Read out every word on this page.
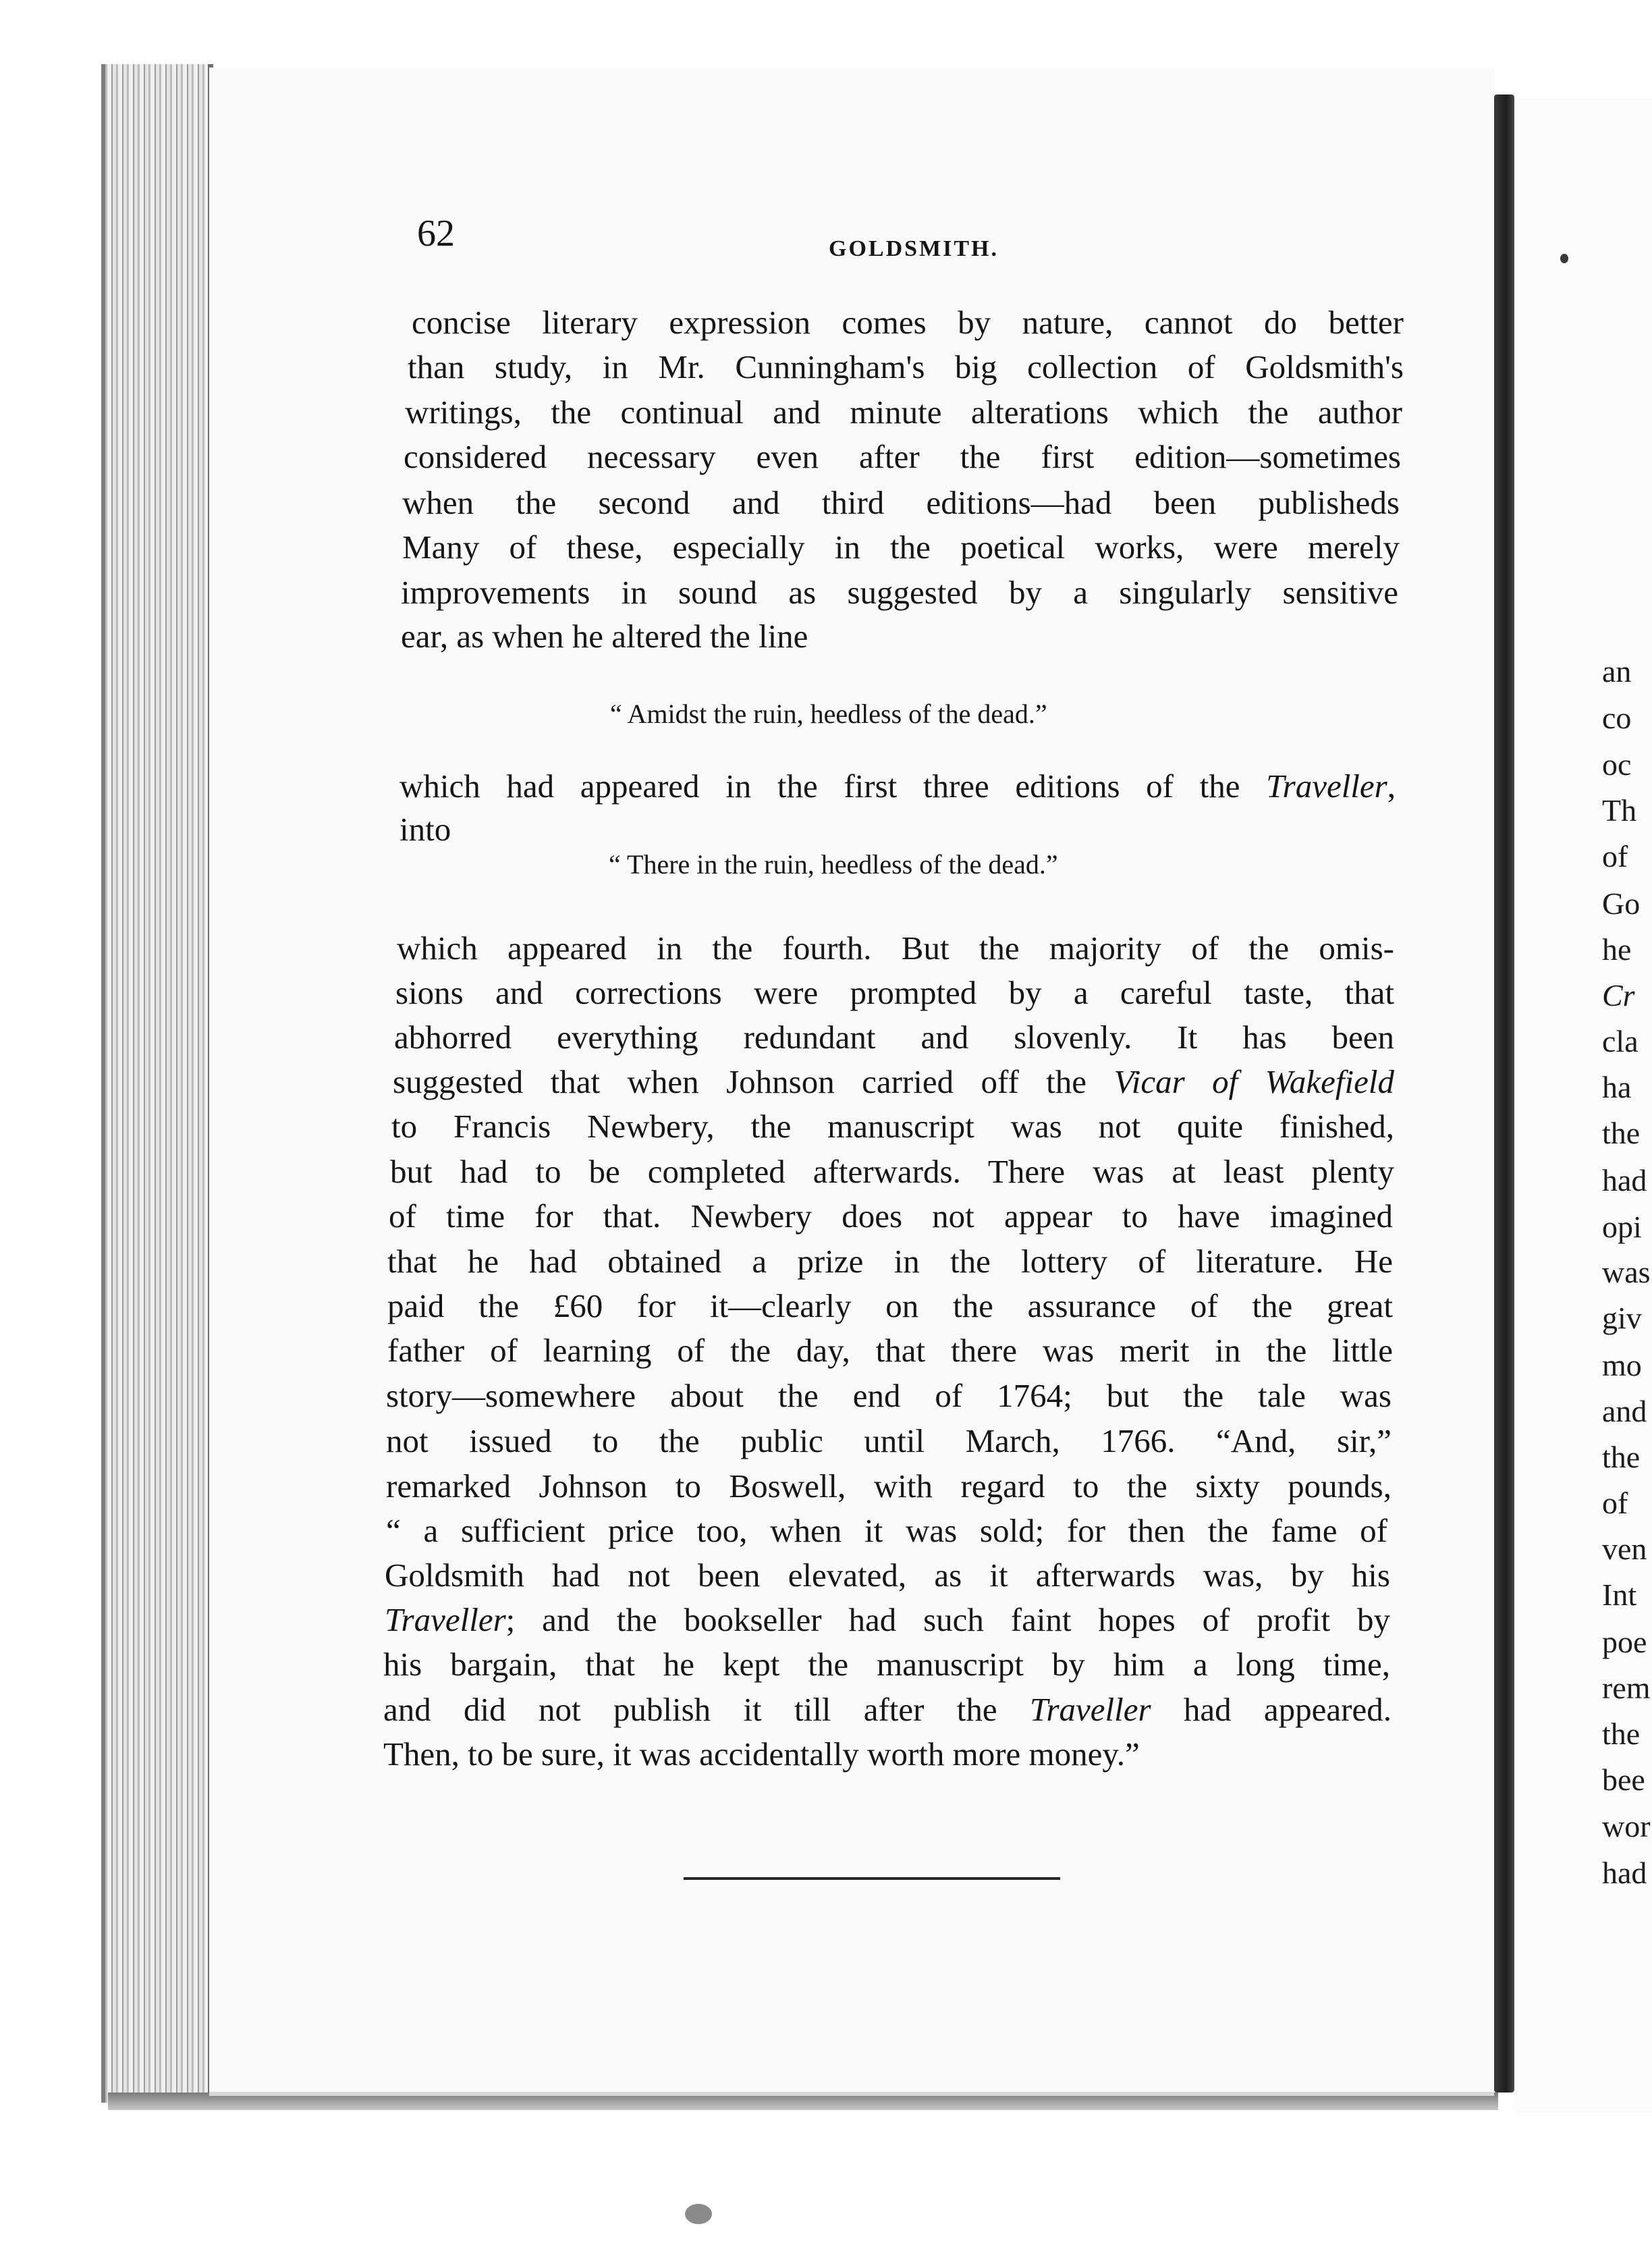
62	GOLDSMITH.
concise literary expression comes by nature, cannot do better
than study, in Mr. Cunningham's big collection of Goldsmith's
writings, the continual and minute alterations which the author
considered necessary even after the first edition—sometimes
when the second and third editions—had been publisheds
Many of these, especially in the poetical works, were merely
improvements in sound as suggested by a singularly sensitive
ear, as when he altered the line
“ Amidst the ruin, heedless of the dead.”
which had appeared in the first three editions of the Traveller,
into
“ There in the ruin, heedless of the dead.”
which appeared in the fourth. But the majority of the omis-
sions and corrections were prompted by a careful taste, that
abhorred everything redundant and slovenly. It has been
suggested that when Johnson carried off the Vicar of Wakefield
to Francis Newbery, the manuscript was not quite finished,
but had to be completed afterwards. There was at least plenty
of time for that. Newbery does not appear to have imagined
that he had obtained a prize in the lottery of literature. He
paid the £60 for it—clearly on the assurance of the great
father of learning of the day, that there was merit in the little
story—somewhere about the end of 1764; but the tale was
not issued to the public until March, 1766. “And, sir,”
remarked Johnson to Boswell, with regard to the sixty pounds,
“ a sufficient price too, when it was sold; for then the fame of
Goldsmith had not been elevated, as it afterwards was, by his
Traveller; and the bookseller had such faint hopes of profit by
his bargain, that he kept the manuscript by him a long time,
and did not publish it till after the Traveller had appeared.
Then, to be sure, it was accidentally worth more money.”
an
co
oc
Th
of
Go
he
Cr
cla
ha
the
had
opi
was
giv
mo
and
the
of
ven
Int
poe
rem
the
bee
wor
had
